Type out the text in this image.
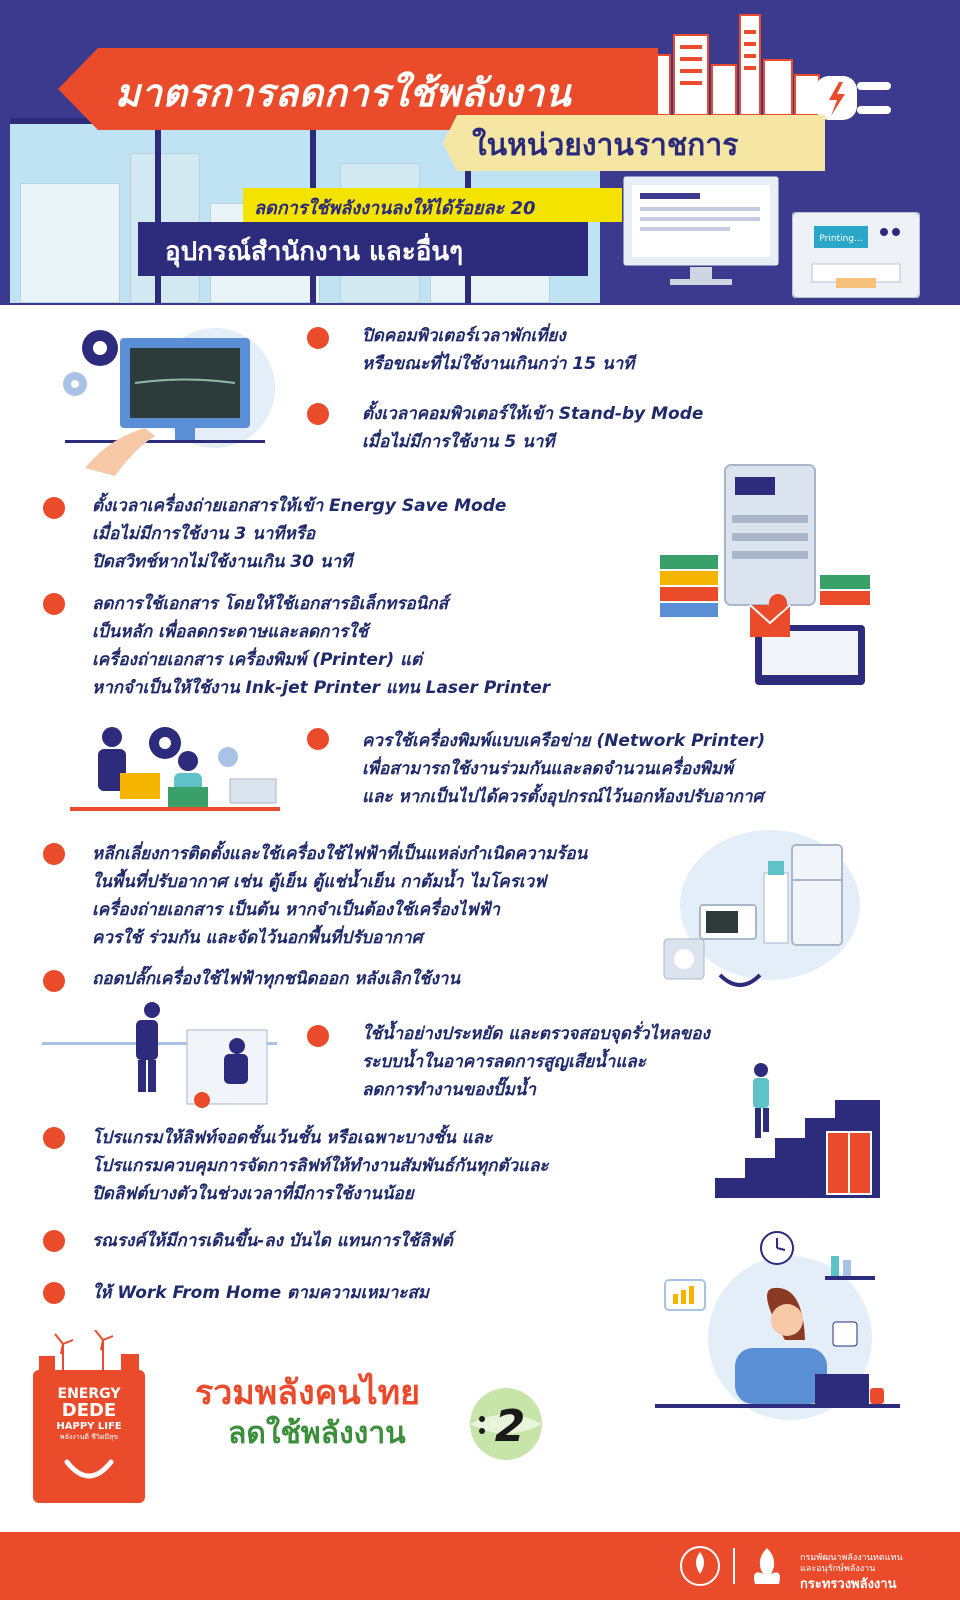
มาตรการลดการใช้พลังงาน
ในหน่วยงานราชการ
ลดการใช้พลังงานลงให้ได้ร้อยละ 20
อุปกรณ์สำนักงาน และอื่นๆ	Printing...
ปิดคอมพิวเตอร์เวลาพักเที่ยง
หรือขณะที่ไม่ใช้งานเกินกว่า 15 นาที
ตั้งเวลาคอมพิวเตอร์ให้เข้า Stand-by Mode
เมื่อไม่มีการใช้งาน 5 นาที
ตั้งเวลาเครื่องถ่ายเอกสารให้เข้า Energy Save Mode
เมื่อไม่มีการใช้งาน 3 นาทีหรือ
ปิดสวิทช์หากไม่ใช้งานเกิน 30 นาที
ลดการใช้เอกสาร โดยให้ใช้เอกสารอิเล็กทรอนิกส์
เป็นหลัก เพื่อลดกระดาษและลดการใช้
เครื่องถ่ายเอกสาร เครื่องพิมพ์ (Printer) แต่
หากจำเป็นให้ใช้งาน Ink-jet Printer แทน Laser Printer
ควรใช้เครื่องพิมพ์แบบเครือข่าย (Network Printer)
เพื่อสามารถใช้งานร่วมกันและลดจำนวนเครื่องพิมพ์
และ หากเป็นไปได้ควรตั้งอุปกรณ์ไว้นอกห้องปรับอากาศ
หลีกเลี่ยงการติดตั้งและใช้เครื่องใช้ไฟฟ้าที่เป็นแหล่งกำเนิดความร้อน
ในพื้นที่ปรับอากาศ เช่น ตู้เย็น ตู้แช่น้ำเย็น กาต้มน้ำ ไมโครเวฟ
เครื่องถ่ายเอกสาร เป็นต้น หากจำเป็นต้องใช้เครื่องไฟฟ้า
ควรใช้ ร่วมกัน และจัดไว้นอกพื้นที่ปรับอากาศ
ถอดปลั๊กเครื่องใช้ไฟฟ้าทุกชนิดออก หลังเลิกใช้งาน
ใช้น้ำอย่างประหยัด และตรวจสอบจุดรั่วไหลของ
ระบบน้ำในอาคารลดการสูญเสียน้ำและ
ลดการทำงานของปั๊มน้ำ
โปรแกรมให้ลิฟท์จอดชั้นเว้นชั้น หรือเฉพาะบางชั้น และ
โปรแกรมควบคุมการจัดการลิฟท์ให้ทำงานสัมพันธ์กันทุกตัวและ
ปิดลิฟต์บางตัวในช่วงเวลาที่มีการใช้งานน้อย
รณรงค์ให้มีการเดินขึ้น-ลง บันได แทนการใช้ลิฟต์
ให้ Work From Home ตามความเหมาะสม
ENERGY
DEDE
HAPPY LIFE
พลังงานดี ชีวิตมีสุข
รวมพลังคนไทย
ลดใช้พลังงาน 2
กรมพัฒนาพลังงานทดแทน
และอนุรักษ์พลังงาน
กระทรวงพลังงาน
